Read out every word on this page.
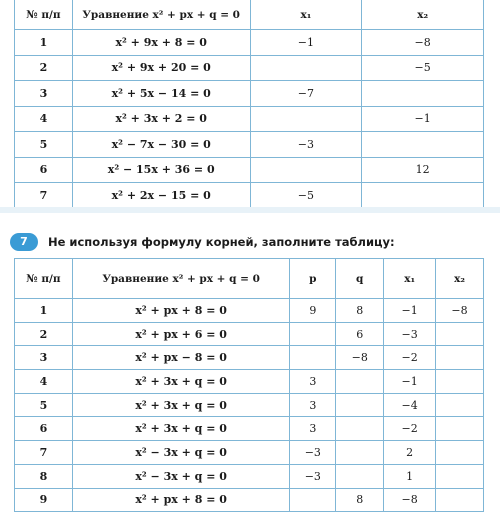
№ п/п	Уравнение x² + px + q = 0	x₁	x₂
1	x² + 9x + 8 = 0	−1	−8
2	x² + 9x + 20 = 0		−5
3	x² + 5x − 14 = 0	−7	
4	x² + 3x + 2 = 0		−1
5	x² − 7x − 30 = 0	−3	
6	x² − 15x + 36 = 0		12
7	x² + 2x − 15 = 0	−5	
7	Не используя формулу корней, заполните таблицу:
№ п/п	Уравнение x² + px + q = 0	p	q	x₁	x₂
1	x² + px + 8 = 0	9	8	−1	−8
2	x² + px + 6 = 0		6	−3	
3	x² + px − 8 = 0		−8	−2	
4	x² + 3x + q = 0	3		−1	
5	x² + 3x + q = 0	3		−4	
6	x² + 3x + q = 0	3		−2	
7	x² − 3x + q = 0	−3		2	
8	x² − 3x + q = 0	−3		1	
9	x² + px + 8 = 0		8	−8	
